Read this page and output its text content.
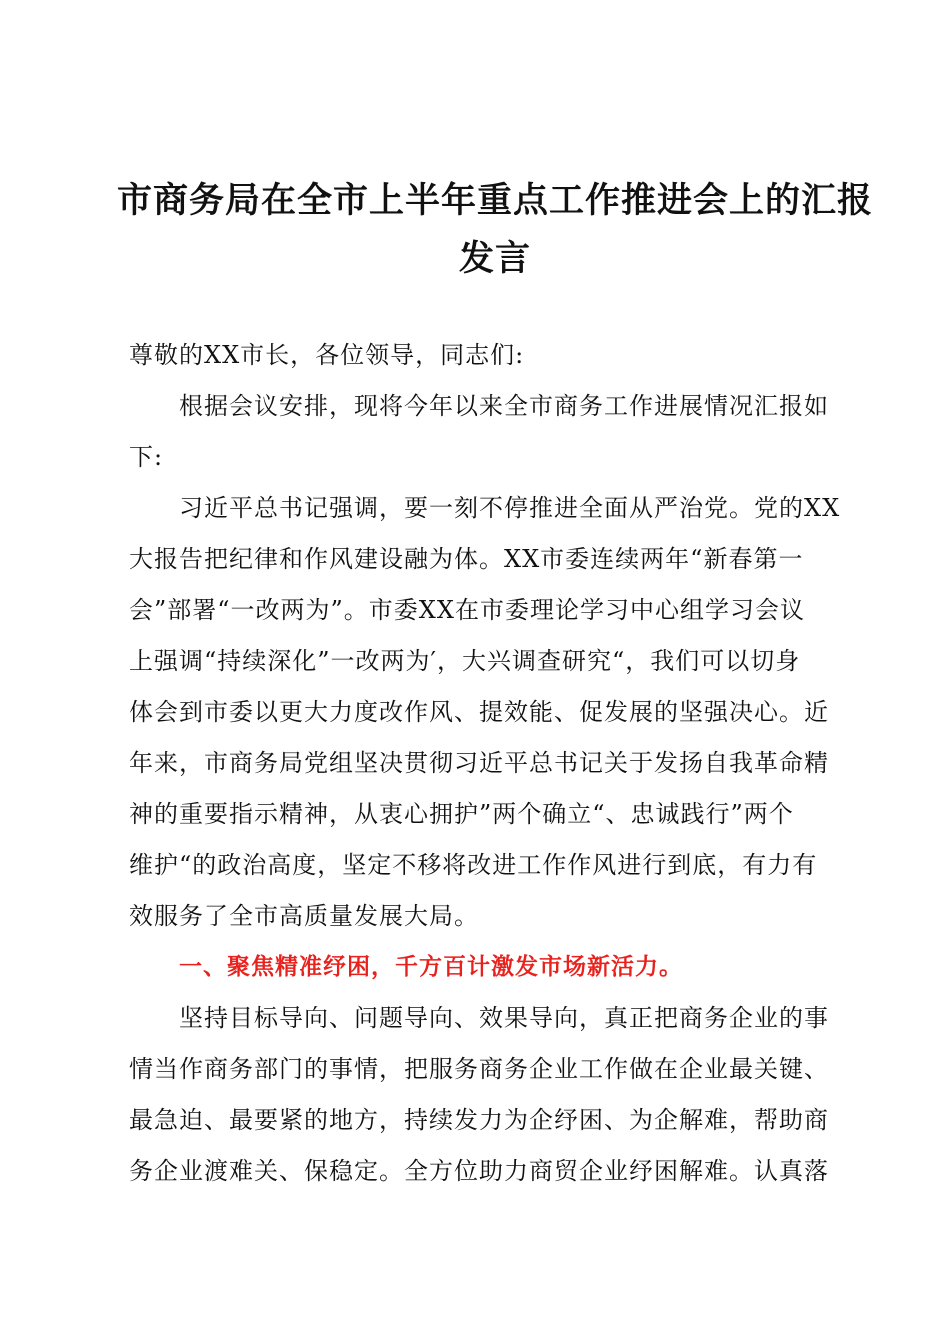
市商务局在全市上半年重点工作推进会上的汇报
发言
尊敬的XX市长，各位领导，同志们:
根据会议安排，现将今年以来全市商务工作进展情况汇报如
下:
习近平总书记强调，要一刻不停推进全面从严治党。党的XX
大报告把纪律和作风建设融为体。XX市委连续两年“新春第一
会”部署“一改两为”。市委XX在市委理论学习中心组学习会议
上强调“持续深化”一改两为′，大兴调查研究“，我们可以切身
体会到市委以更大力度改作风、提效能、促发展的坚强决心。近
年来，市商务局党组坚决贯彻习近平总书记关于发扬自我革命精
神的重要指示精神，从衷心拥护”两个确立“、忠诚践行”两个
维护“的政治高度，坚定不移将改进工作作风进行到底，有力有
效服务了全市高质量发展大局。
一、聚焦精准纾困，千方百计激发市场新活力。
坚持目标导向、问题导向、效果导向，真正把商务企业的事
情当作商务部门的事情，把服务商务企业工作做在企业最关键、
最急迫、最要紧的地方，持续发力为企纾困、为企解难，帮助商
务企业渡难关、保稳定。全方位助力商贸企业纾困解难。认真落
